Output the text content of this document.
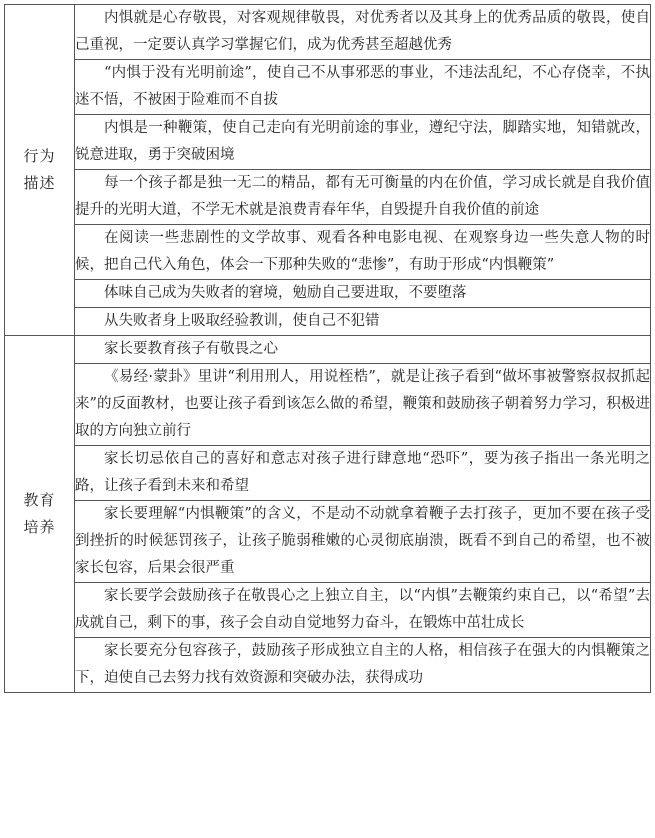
行为
描述	内惧就是心存敬畏，对客观规律敬畏，对优秀者以及其身上的优秀品质的敬畏，使自己重视，一定要认真学习掌握它们，成为优秀甚至超越优秀
	“内惧于没有光明前途”，使自己不从事邪恶的事业，不违法乱纪，不心存侥幸，不执迷不悟，不被困于险难而不自拔
	内惧是一种鞭策，使自己走向有光明前途的事业，遵纪守法，脚踏实地，知错就改，锐意进取，勇于突破困境
	每一个孩子都是独一无二的精品，都有无可衡量的内在价值，学习成长就是自我价值提升的光明大道，不学无术就是浪费青春年华，自毁提升自我价值的前途
	在阅读一些悲剧性的文学故事、观看各种电影电视、在观察身边一些失意人物的时候，把自己代入角色，体会一下那种失败的“悲惨”，有助于形成“内惧鞭策”
	体味自己成为失败者的窘境，勉励自己要进取，不要堕落
	从失败者身上吸取经验教训，使自己不犯错

教育
培养	家长要教育孩子有敬畏之心
	《易经·蒙卦》里讲“利用刑人，用说桎梏”，就是让孩子看到“做坏事被警察叔叔抓起来”的反面教材，也要让孩子看到该怎么做的希望，鞭策和鼓励孩子朝着努力学习，积极进取的方向独立前行
	家长切忌依自己的喜好和意志对孩子进行肆意地“恐吓”，要为孩子指出一条光明之路，让孩子看到未来和希望
	家长要理解“内惧鞭策”的含义，不是动不动就拿着鞭子去打孩子，更加不要在孩子受到挫折的时候惩罚孩子，让孩子脆弱稚嫩的心灵彻底崩溃，既看不到自己的希望，也不被家长包容，后果会很严重
	家长要学会鼓励孩子在敬畏心之上独立自主，以“内惧”去鞭策约束自己，以“希望”去成就自己，剩下的事，孩子会自动自觉地努力奋斗，在锻炼中茁壮成长
	家长要充分包容孩子，鼓励孩子形成独立自主的人格，相信孩子在强大的内惧鞭策之下，迫使自己去努力找有效资源和突破办法，获得成功
